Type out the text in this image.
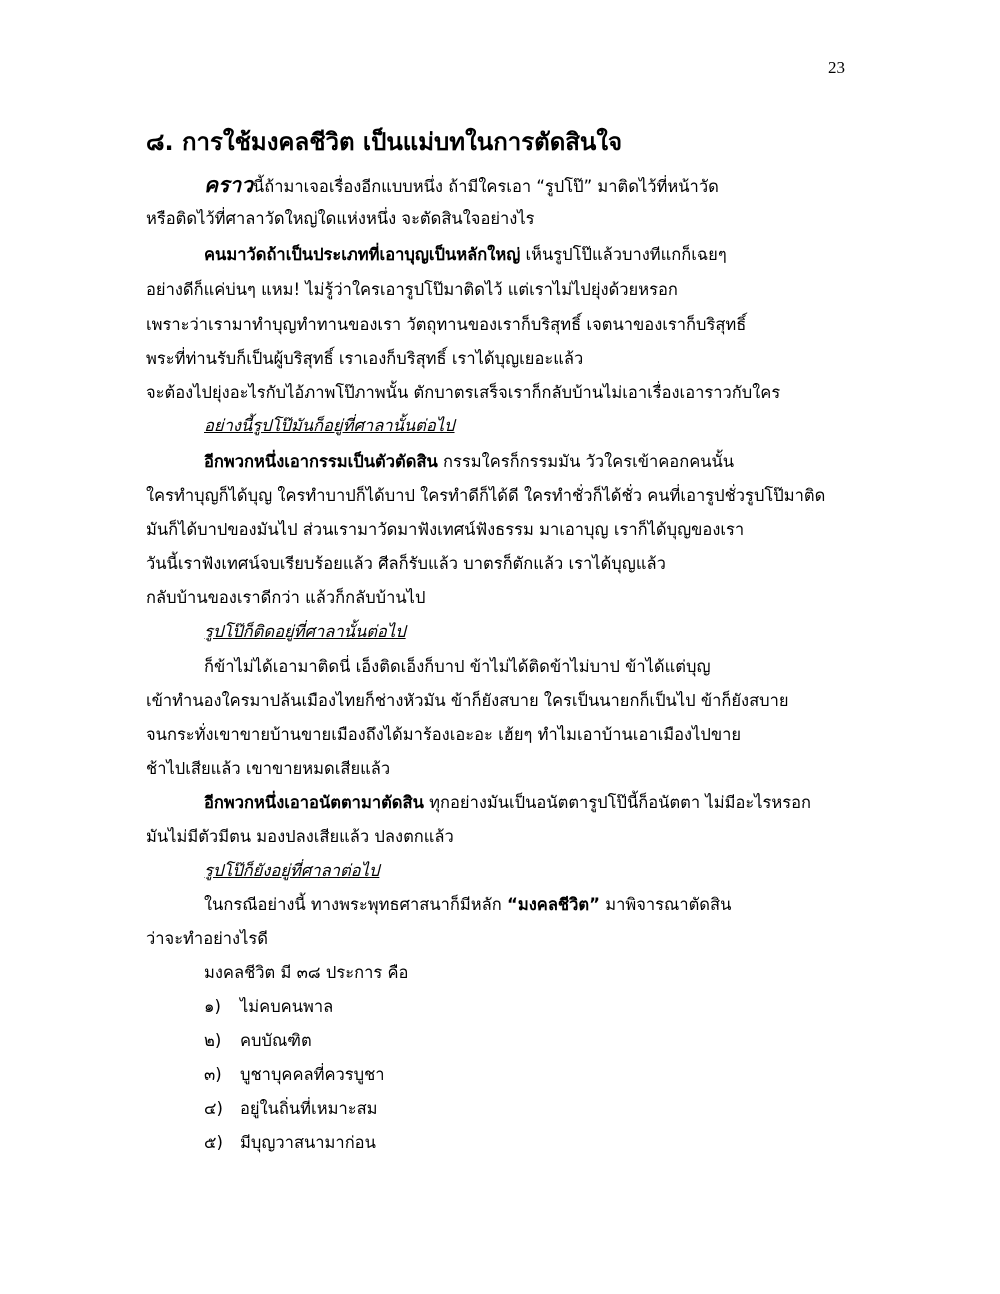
23
๘. การใช้มงคลชีวิต เป็นแม่บทในการตัดสินใจ

คราวนี้ถ้ามาเจอเรื่องอีกแบบหนึ่ง ถ้ามีใครเอา “รูปโป๊” มาติดไว้ที่หน้าวัด

หรือติดไว้ที่ศาลาวัดใหญ่ใดแห่งหนึ่ง จะตัดสินใจอย่างไร

คนมาวัดถ้าเป็นประเภทที่เอาบุญเป็นหลักใหญ่ เห็นรูปโป๊แล้วบางทีแกก็เฉยๆ

อย่างดีก็แค่บ่นๆ แหม! ไม่รู้ว่าใครเอารูปโป๊มาติดไว้ แต่เราไม่ไปยุ่งด้วยหรอก

เพราะว่าเรามาทำบุญทำทานของเรา วัตถุทานของเราก็บริสุทธิ์ เจตนาของเราก็บริสุทธิ์

พระที่ท่านรับก็เป็นผู้บริสุทธิ์ เราเองก็บริสุทธิ์ เราได้บุญเยอะแล้ว

จะต้องไปยุ่งอะไรกับไอ้ภาพโป๊ภาพนั้น ตักบาตรเสร็จเราก็กลับบ้านไม่เอาเรื่องเอาราวกับใคร

อย่างนี้รูปโป๊มันก็อยู่ที่ศาลานั้นต่อไป

อีกพวกหนึ่งเอากรรมเป็นตัวตัดสิน กรรมใครก็กรรมมัน วัวใครเข้าคอกคนนั้น

ใครทำบุญก็ได้บุญ ใครทำบาปก็ได้บาป ใครทำดีก็ได้ดี ใครทำชั่วก็ได้ชั่ว คนที่เอารูปชั่วรูปโป๊มาติด

มันก็ได้บาปของมันไป ส่วนเรามาวัดมาฟังเทศน์ฟังธรรม มาเอาบุญ เราก็ได้บุญของเรา

วันนี้เราฟังเทศน์จบเรียบร้อยแล้ว ศีลก็รับแล้ว บาตรก็ตักแล้ว เราได้บุญแล้ว

กลับบ้านของเราดีกว่า แล้วก็กลับบ้านไป

รูปโป๊ก็ติดอยู่ที่ศาลานั้นต่อไป

ก็ข้าไม่ได้เอามาติดนี่ เอ็งติดเอ็งก็บาป ข้าไม่ได้ติดข้าไม่บาป ข้าได้แต่บุญ

เข้าทำนองใครมาปล้นเมืองไทยก็ช่างหัวมัน ข้าก็ยังสบาย ใครเป็นนายกก็เป็นไป ข้าก็ยังสบาย

จนกระทั่งเขาขายบ้านขายเมืองถึงได้มาร้องเอะอะ เฮ้ยๆ ทำไมเอาบ้านเอาเมืองไปขาย

ช้าไปเสียแล้ว เขาขายหมดเสียแล้ว

อีกพวกหนึ่งเอาอนัตตามาตัดสิน ทุกอย่างมันเป็นอนัตตารูปโป๊นี้ก็อนัตตา ไม่มีอะไรหรอก

มันไม่มีตัวมีตน มองปลงเสียแล้ว ปลงตกแล้ว

รูปโป๊ก็ยังอยู่ที่ศาลาต่อไป

ในกรณีอย่างนี้ ทางพระพุทธศาสนาก็มีหลัก “มงคลชีวิต” มาพิจารณาตัดสิน

ว่าจะทำอย่างไรดี

มงคลชีวิต มี ๓๘ ประการ คือ

๑) ไม่คบคนพาล

๒) คบบัณฑิต

๓) บูชาบุคคลที่ควรบูชา

๔) อยู่ในถิ่นที่เหมาะสม

๕) มีบุญวาสนามาก่อน
